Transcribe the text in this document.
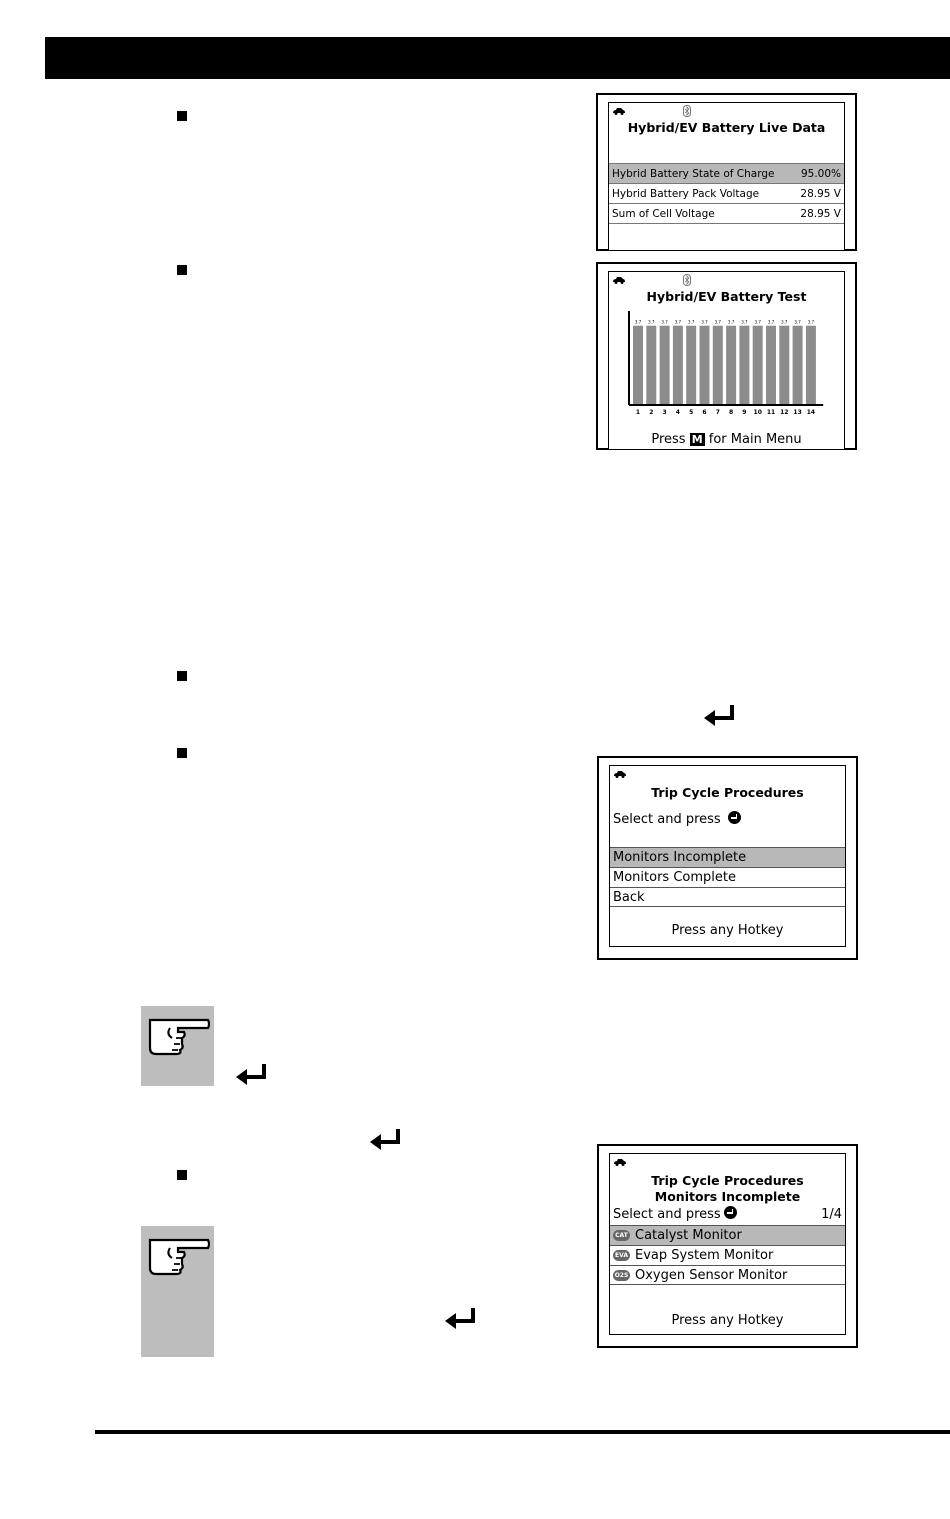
Hybrid/EV Battery Live Data
Hybrid Battery State of Charge	95.00%
Hybrid Battery Pack Voltage	28.95 V
Sum of Cell Voltage	28.95 V
Hybrid/EV Battery Test
3.7
1
3.7
2
3.7
3
3.7
4
3.7
5
3.7
6
3.7
7
3.7
8
3.7
9
3.7
10
3.7
11
3.7
12
3.7
13
3.7
14
Press M for Main Menu
Trip Cycle Procedures
Select and press
Monitors Incomplete
Monitors Complete
Back
Press any Hotkey
Trip Cycle Procedures
Monitors Incomplete
Select and press	1/4
CAT Catalyst Monitor
EVA Evap System Monitor
O2S Oxygen Sensor Monitor
Press any Hotkey
